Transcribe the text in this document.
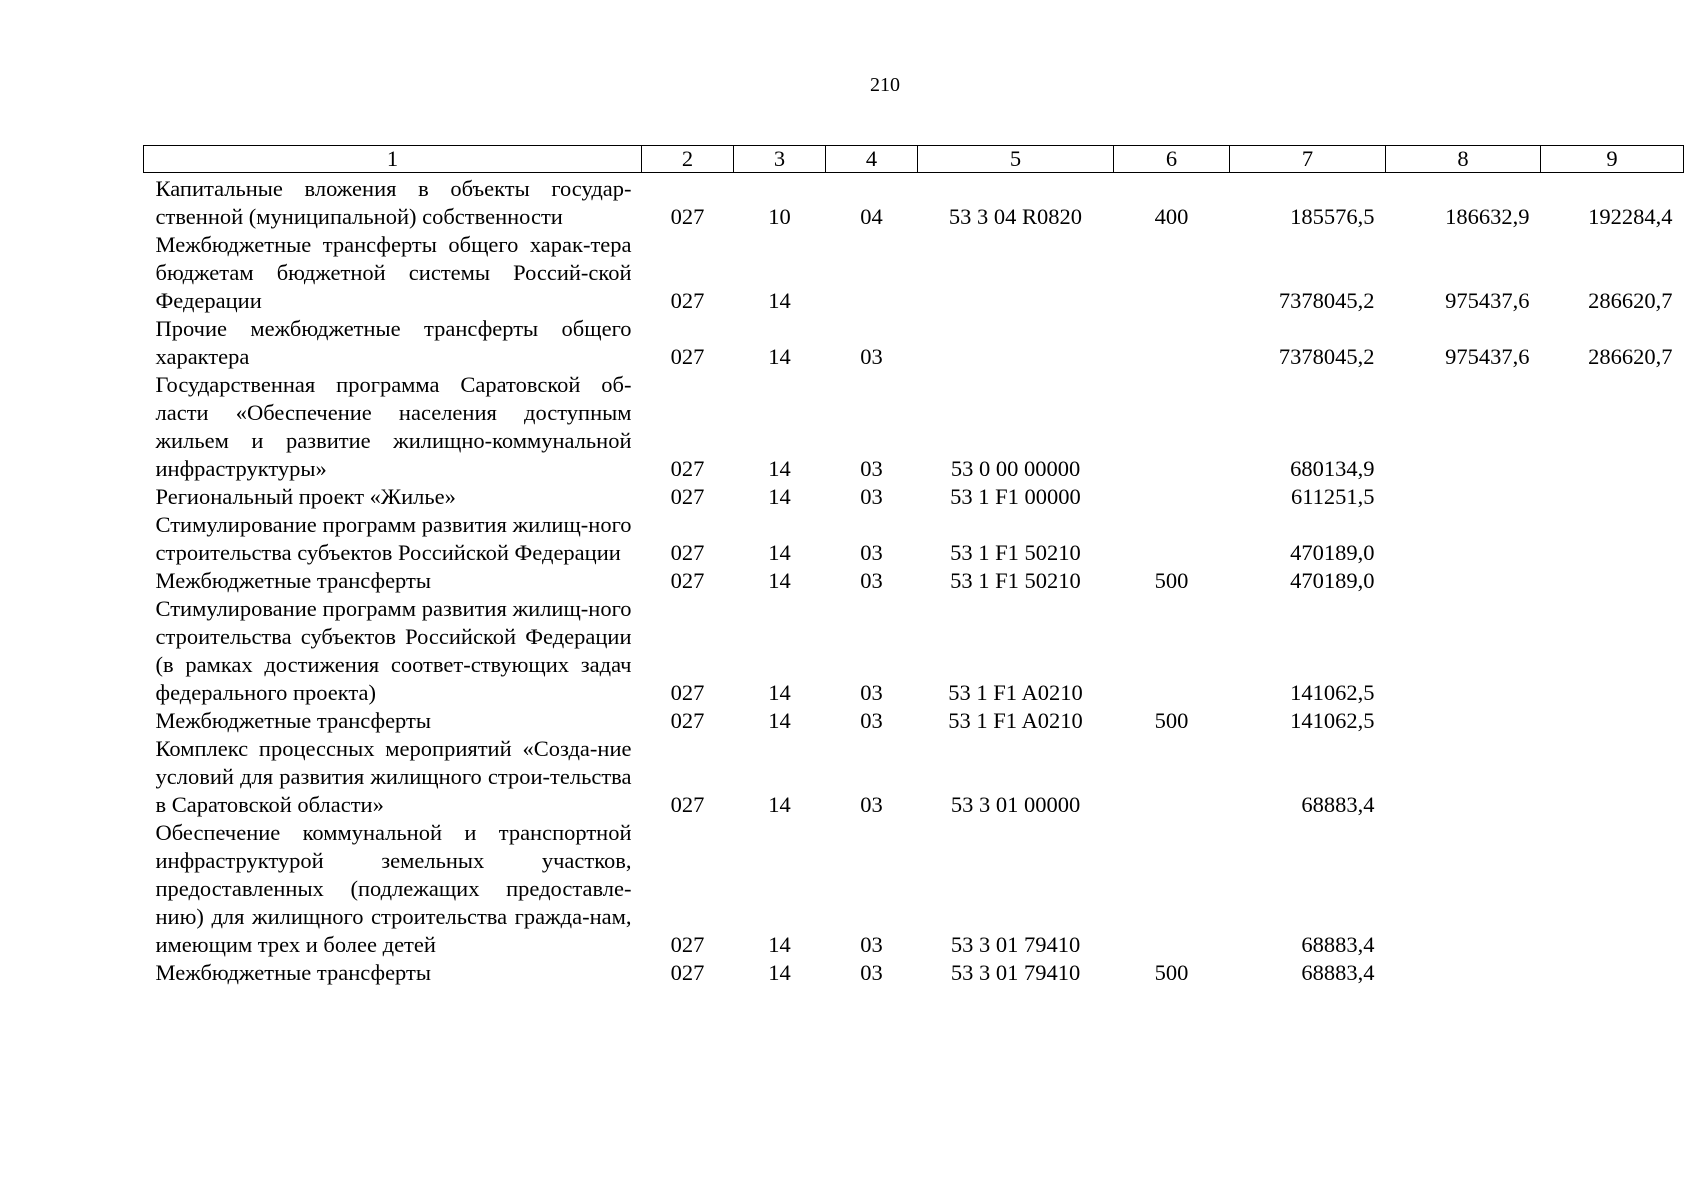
210
1	2	3	4	5	6	7	8	9
Капитальные вложения в объекты государ-ственной (муниципальной) собственности	027	10	04	53 3 04 R0820	400	185576,5	186632,9	192284,4
Межбюджетные трансферты общего харак-тера бюджетам бюджетной системы Россий-ской Федерации	027	14				7378045,2	975437,6	286620,7
Прочие межбюджетные трансферты общего характера	027	14	03			7378045,2	975437,6	286620,7
Государственная программа Саратовской об-ласти «Обеспечение населения доступным жильем и развитие жилищно-коммунальной инфраструктуры»	027	14	03	53 0 00 00000		680134,9		
Региональный проект «Жилье»	027	14	03	53 1 F1 00000		611251,5		
Стимулирование программ развития жилищ-ного строительства субъектов Российской Федерации	027	14	03	53 1 F1 50210		470189,0		
Межбюджетные трансферты	027	14	03	53 1 F1 50210	500	470189,0		
Стимулирование программ развития жилищ-ного строительства субъектов Российской Федерации (в рамках достижения соответ-ствующих задач федерального проекта)	027	14	03	53 1 F1 A0210		141062,5		
Межбюджетные трансферты	027	14	03	53 1 F1 A0210	500	141062,5		
Комплекс процессных мероприятий «Созда-ние условий для развития жилищного строи-тельства в Саратовской области»	027	14	03	53 3 01 00000		68883,4		
Обеспечение коммунальной и транспортной инфраструктурой земельных участков, предоставленных (подлежащих предоставле-нию) для жилищного строительства гражда-нам, имеющим трех и более детей	027	14	03	53 3 01 79410		68883,4		
Межбюджетные трансферты	027	14	03	53 3 01 79410	500	68883,4		
